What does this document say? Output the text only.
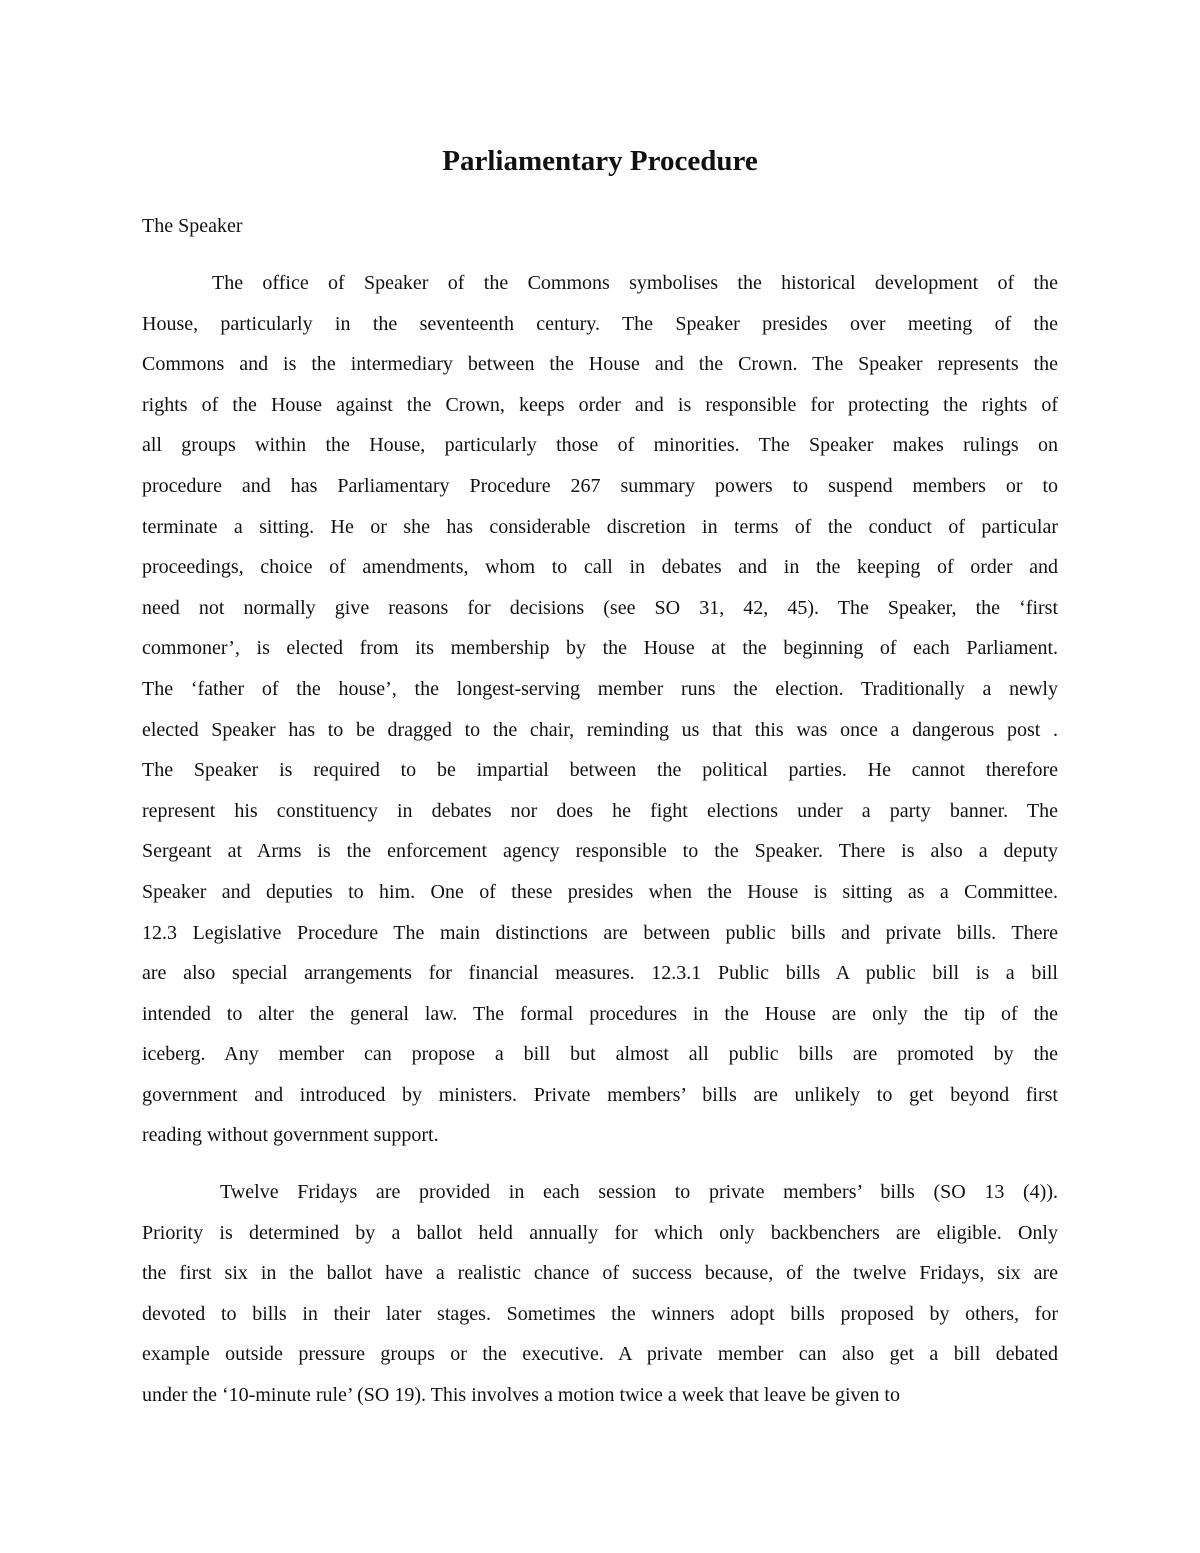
Parliamentary Procedure

The Speaker

The office of Speaker of the Commons symbolises the historical development of the
House, particularly in the seventeenth century. The Speaker presides over meeting of the
Commons and is the intermediary between the House and the Crown. The Speaker represents the
rights of the House against the Crown, keeps order and is responsible for protecting the rights of
all groups within the House, particularly those of minorities. The Speaker makes rulings on
procedure and has Parliamentary Procedure 267 summary powers to suspend members or to
terminate a sitting. He or she has considerable discretion in terms of the conduct of particular
proceedings, choice of amendments, whom to call in debates and in the keeping of order and
need not normally give reasons for decisions (see SO 31, 42, 45). The Speaker, the ‘first
commoner’, is elected from its membership by the House at the beginning of each Parliament.
The ‘father of the house’, the longest-serving member runs the election. Traditionally a newly
elected Speaker has to be dragged to the chair, reminding us that this was once a dangerous post .
The Speaker is required to be impartial between the political parties. He cannot therefore
represent his constituency in debates nor does he fight elections under a party banner. The
Sergeant at Arms is the enforcement agency responsible to the Speaker. There is also a deputy
Speaker and deputies to him. One of these presides when the House is sitting as a Committee.
12.3 Legislative Procedure The main distinctions are between public bills and private bills. There
are also special arrangements for financial measures. 12.3.1 Public bills A public bill is a bill
intended to alter the general law. The formal procedures in the House are only the tip of the
iceberg. Any member can propose a bill but almost all public bills are promoted by the
government and introduced by ministers. Private members’ bills are unlikely to get beyond first
reading without government support.
Twelve Fridays are provided in each session to private members’ bills (SO 13 (4)).
Priority is determined by a ballot held annually for which only backbenchers are eligible. Only
the first six in the ballot have a realistic chance of success because, of the twelve Fridays, six are
devoted to bills in their later stages. Sometimes the winners adopt bills proposed by others, for
example outside pressure groups or the executive. A private member can also get a bill debated
under the ‘10-minute rule’ (SO 19). This involves a motion twice a week that leave be given to
